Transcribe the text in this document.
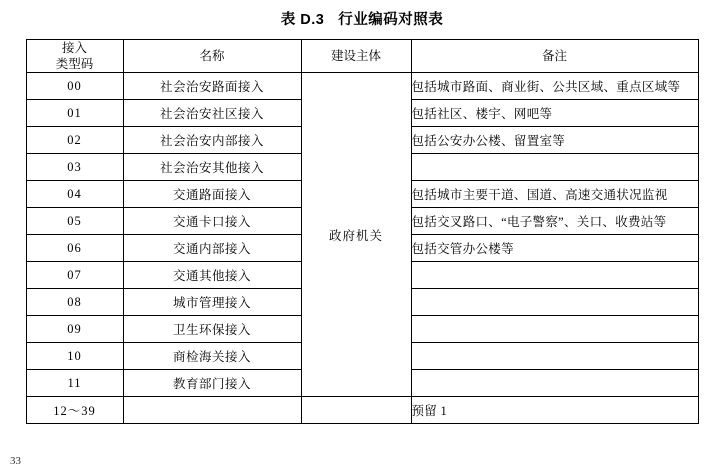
表 D.3 行业编码对照表
接入
类型码	名称	建设主体	备注
00	社会治安路面接入	政府机关	包括城市路面、商业街、公共区域、重点区域等
01	社会治安社区接入		包括社区、楼宇、网吧等
02	社会治安内部接入		包括公安办公楼、留置室等
03	社会治安其他接入		
04	交通路面接入		包括城市主要干道、国道、高速交通状况监视
05	交通卡口接入		包括交叉路口、“电子警察”、关口、收费站等
06	交通内部接入		包括交管办公楼等
07	交通其他接入		
08	城市管理接入		
09	卫生环保接入		
10	商检海关接入		
11	教育部门接入		
12～39			预留 1
33
